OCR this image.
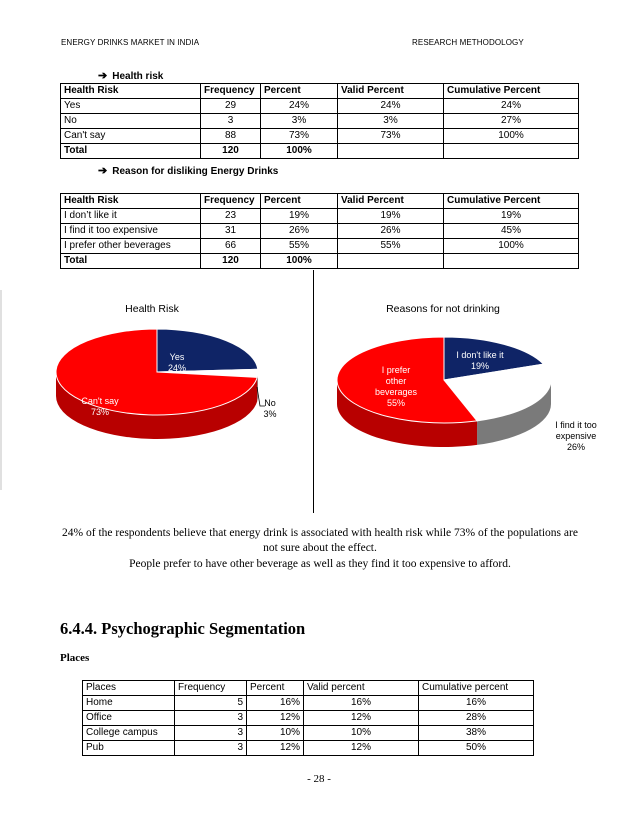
ENERGY DRINKS MARKET IN INDIA	RESEARCH METHODOLOGY
➔ Health risk
Health Risk	Frequency	Percent	Valid Percent	Cumulative Percent
Yes	29	24%	24%	24%
No	3	3%	3%	27%
Can't say	88	73%	73%	100%
Total	120	100%		
➔ Reason for disliking Energy Drinks
Health Risk	Frequency	Percent	Valid Percent	Cumulative Percent
I don’t like it	23	19%	19%	19%
I find it too expensive	31	26%	26%	45%
I prefer other beverages	66	55%	55%	100%
Total	120	100%		
Health Risk
Yes 24%
No 3%
Can't say 73%
Reasons for not drinking
I don't like it 19%
I find it too expensive 26%
I prefer other beverages 55%
24% of the respondents believe that energy drink is associated with health risk while 73% of the populations are not sure about the effect.
People prefer to have other beverage as well as they find it too expensive to afford.
6.4.4. Psychographic Segmentation
Places
Places	Frequency	Percent	Valid percent	Cumulative percent
Home	5	16%	16%	16%
Office	3	12%	12%	28%
College campus	3	10%	10%	38%
Pub	3	12%	12%	50%
- 28 -
